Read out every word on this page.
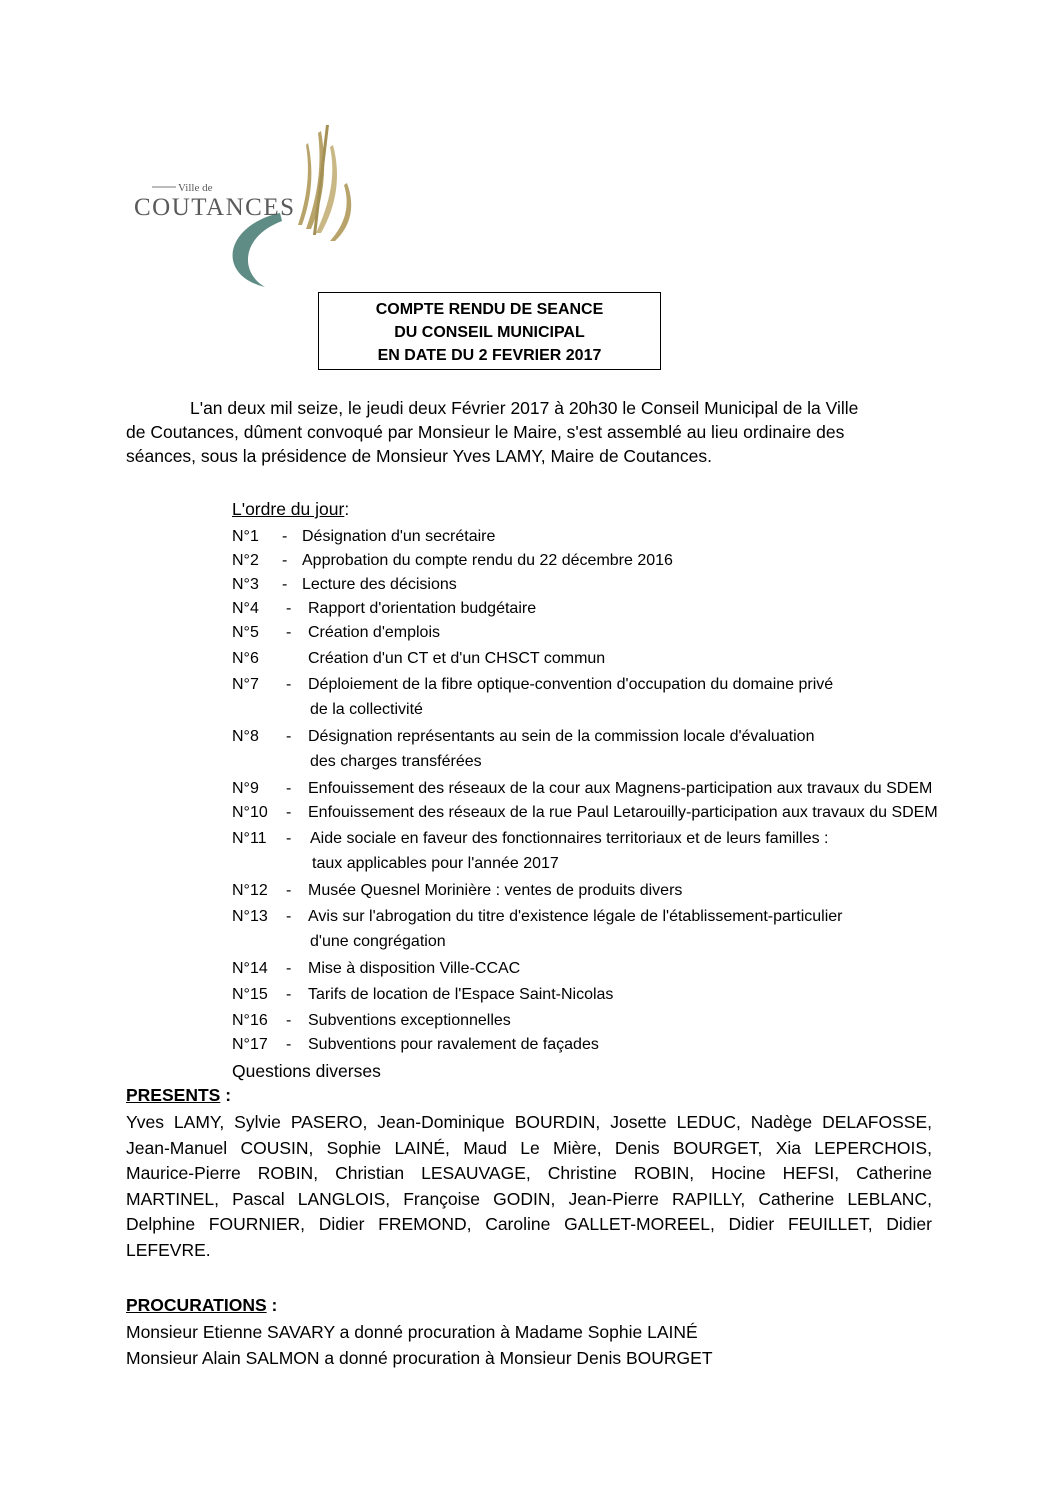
Ville de
COUTANCES
COMPTE RENDU DE SEANCE
DU CONSEIL MUNICIPAL
EN DATE DU 2 FEVRIER 2017
L'an deux mil seize, le jeudi deux Février 2017 à 20h30 le Conseil Municipal de la Ville
de Coutances, dûment convoqué par Monsieur le Maire, s'est assemblé au lieu ordinaire des
séances, sous la présidence de Monsieur Yves LAMY, Maire de Coutances.
L'ordre du jour:
N°1 - Désignation d'un secrétaire
N°2 - Approbation du compte rendu du 22 décembre 2016
N°3 - Lecture des décisions
N°4 - Rapport d'orientation budgétaire
N°5 - Création d'emplois
N°6	Création d'un CT et d'un CHSCT commun
N°7 - Déploiement de la fibre optique-convention d'occupation du domaine privé
de la collectivité
N°8 - Désignation représentants au sein de la commission locale d'évaluation
des charges transférées
N°9 - Enfouissement des réseaux de la cour aux Magnens-participation aux travaux du SDEM
N°10 - Enfouissement des réseaux de la rue Paul Letarouilly-participation aux travaux du SDEM
N°11 - Aide sociale en faveur des fonctionnaires territoriaux et de leurs familles :
taux applicables pour l'année 2017
N°12 - Musée Quesnel Morinière : ventes de produits divers
N°13 - Avis sur l'abrogation du titre d'existence légale de l'établissement-particulier
d'une congrégation
N°14 - Mise à disposition Ville-CCAC
N°15 - Tarifs de location de l'Espace Saint-Nicolas
N°16 - Subventions exceptionnelles
N°17 - Subventions pour ravalement de façades
Questions diverses
PRESENTS :
Yves LAMY, Sylvie PASERO, Jean-Dominique BOURDIN, Josette LEDUC, Nadège DELAFOSSE,
Jean-Manuel COUSIN, Sophie LAINÉ, Maud Le Mière, Denis BOURGET, Xia LEPERCHOIS,
Maurice-Pierre ROBIN, Christian LESAUVAGE, Christine ROBIN, Hocine HEFSI, Catherine
MARTINEL, Pascal LANGLOIS, Françoise GODIN, Jean-Pierre RAPILLY, Catherine LEBLANC,
Delphine FOURNIER, Didier FREMOND, Caroline GALLET-MOREEL, Didier FEUILLET, Didier
LEFEVRE.
PROCURATIONS :
Monsieur Etienne SAVARY a donné procuration à Madame Sophie LAINÉ
Monsieur Alain SALMON a donné procuration à Monsieur Denis BOURGET
